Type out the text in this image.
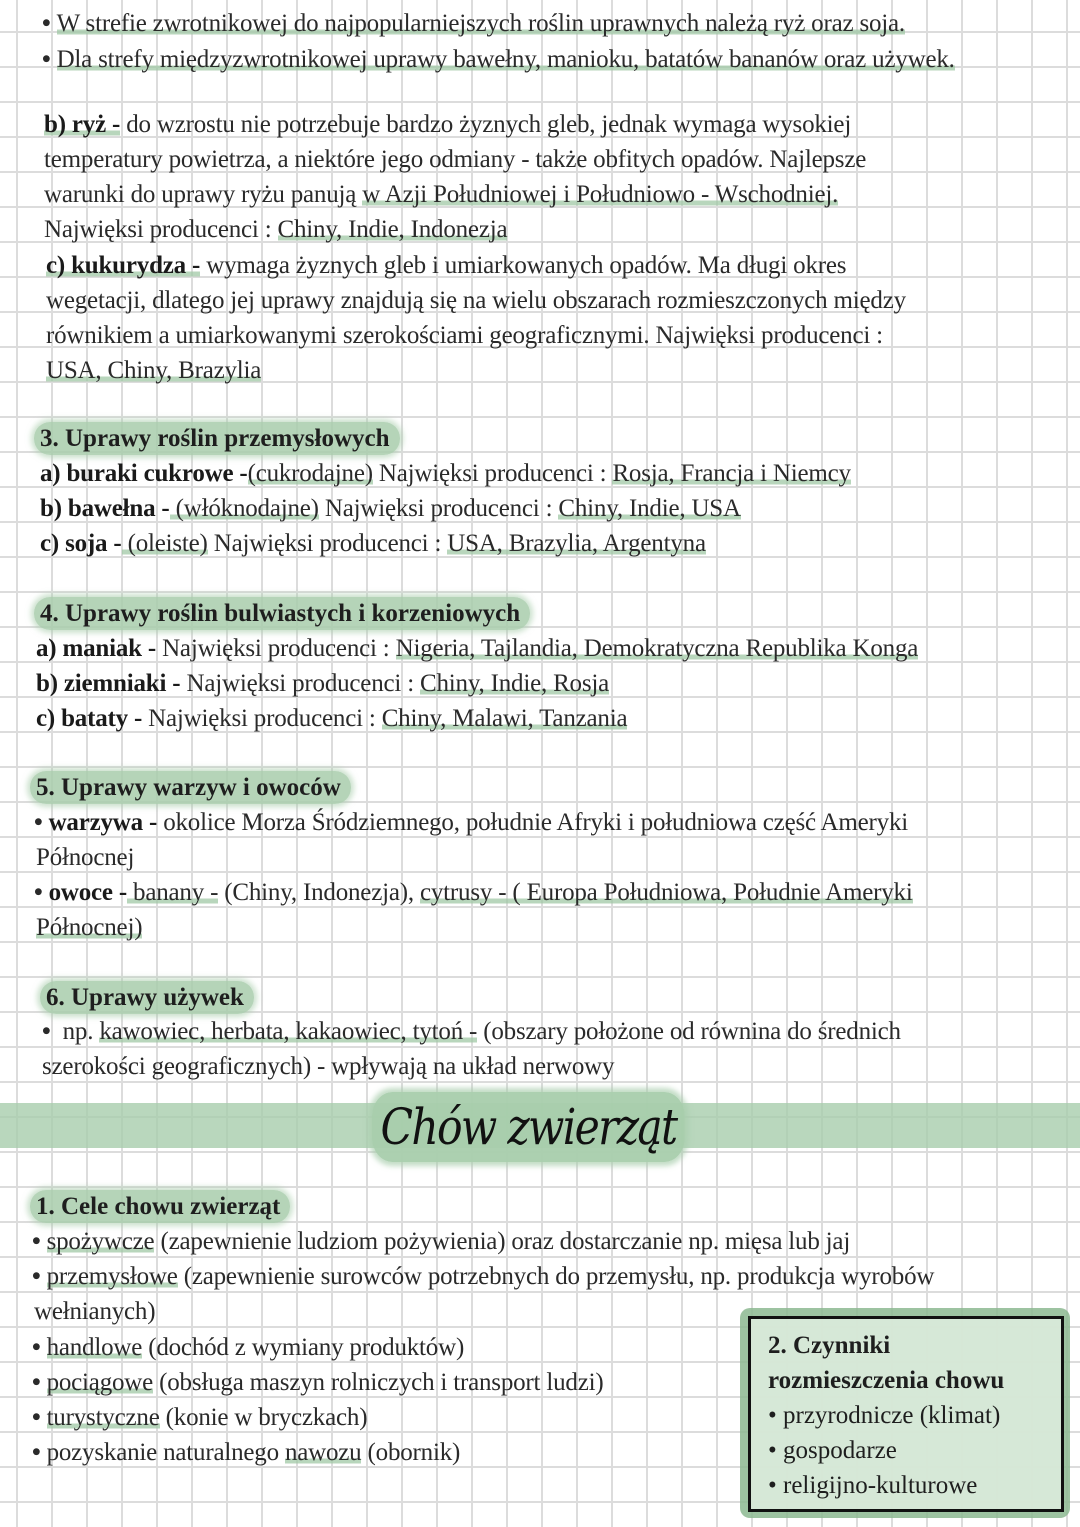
• W strefie zwrotnikowej do najpopularniejszych roślin uprawnych należą ryż oraz soja.
• Dla strefy międzyzwrotnikowej uprawy bawełny, manioku, batatów bananów oraz używek.
b) ryż - do wzrostu nie potrzebuje bardzo żyznych gleb, jednak wymaga wysokiej
temperatury powietrza, a niektóre jego odmiany - także obfitych opadów. Najlepsze
warunki do uprawy ryżu panują w Azji Południowej i Południowo - Wschodniej.
Najwięksi producenci : Chiny, Indie, Indonezja
c) kukurydza - wymaga żyznych gleb i umiarkowanych opadów. Ma długi okres
wegetacji, dlatego jej uprawy znajdują się na wielu obszarach rozmieszczonych między
równikiem a umiarkowanymi szerokościami geograficznymi. Najwięksi producenci :
USA, Chiny, Brazylia
3. Uprawy roślin przemysłowych
a) buraki cukrowe -(cukrodajne) Najwięksi producenci : Rosja, Francja i Niemcy
b) bawełna - (włóknodajne) Najwięksi producenci : Chiny, Indie, USA
c) soja - (oleiste) Najwięksi producenci : USA, Brazylia, Argentyna
4. Uprawy roślin bulwiastych i korzeniowych
a) maniak - Najwięksi producenci : Nigeria, Tajlandia, Demokratyczna Republika Konga
b) ziemniaki - Najwięksi producenci : Chiny, Indie, Rosja
c) bataty - Najwięksi producenci : Chiny, Malawi, Tanzania
5. Uprawy warzyw i owoców
• warzywa - okolice Morza Śródziemnego, południe Afryki i południowa część Ameryki
Północnej
• owoce - banany - (Chiny, Indonezja), cytrusy - ( Europa Południowa, Południe Ameryki
Północnej)
6. Uprawy używek
• np. kawowiec, herbata, kakaowiec, tytoń - (obszary położone od równina do średnich
szerokości geograficznych) - wpływają na układ nerwowy
Chów zwierząt
1. Cele chowu zwierząt
• spożywcze (zapewnienie ludziom pożywienia) oraz dostarczanie np. mięsa lub jaj
• przemysłowe (zapewnienie surowców potrzebnych do przemysłu, np. produkcja wyrobów
wełnianych)
• handlowe (dochód z wymiany produktów)
• pociągowe (obsługa maszyn rolniczych i transport ludzi)
• turystyczne (konie w bryczkach)
• pozyskanie naturalnego nawozu (obornik)
2. Czynniki
rozmieszczenia chowu
• przyrodnicze (klimat)
• gospodarze
• religijno-kulturowe
